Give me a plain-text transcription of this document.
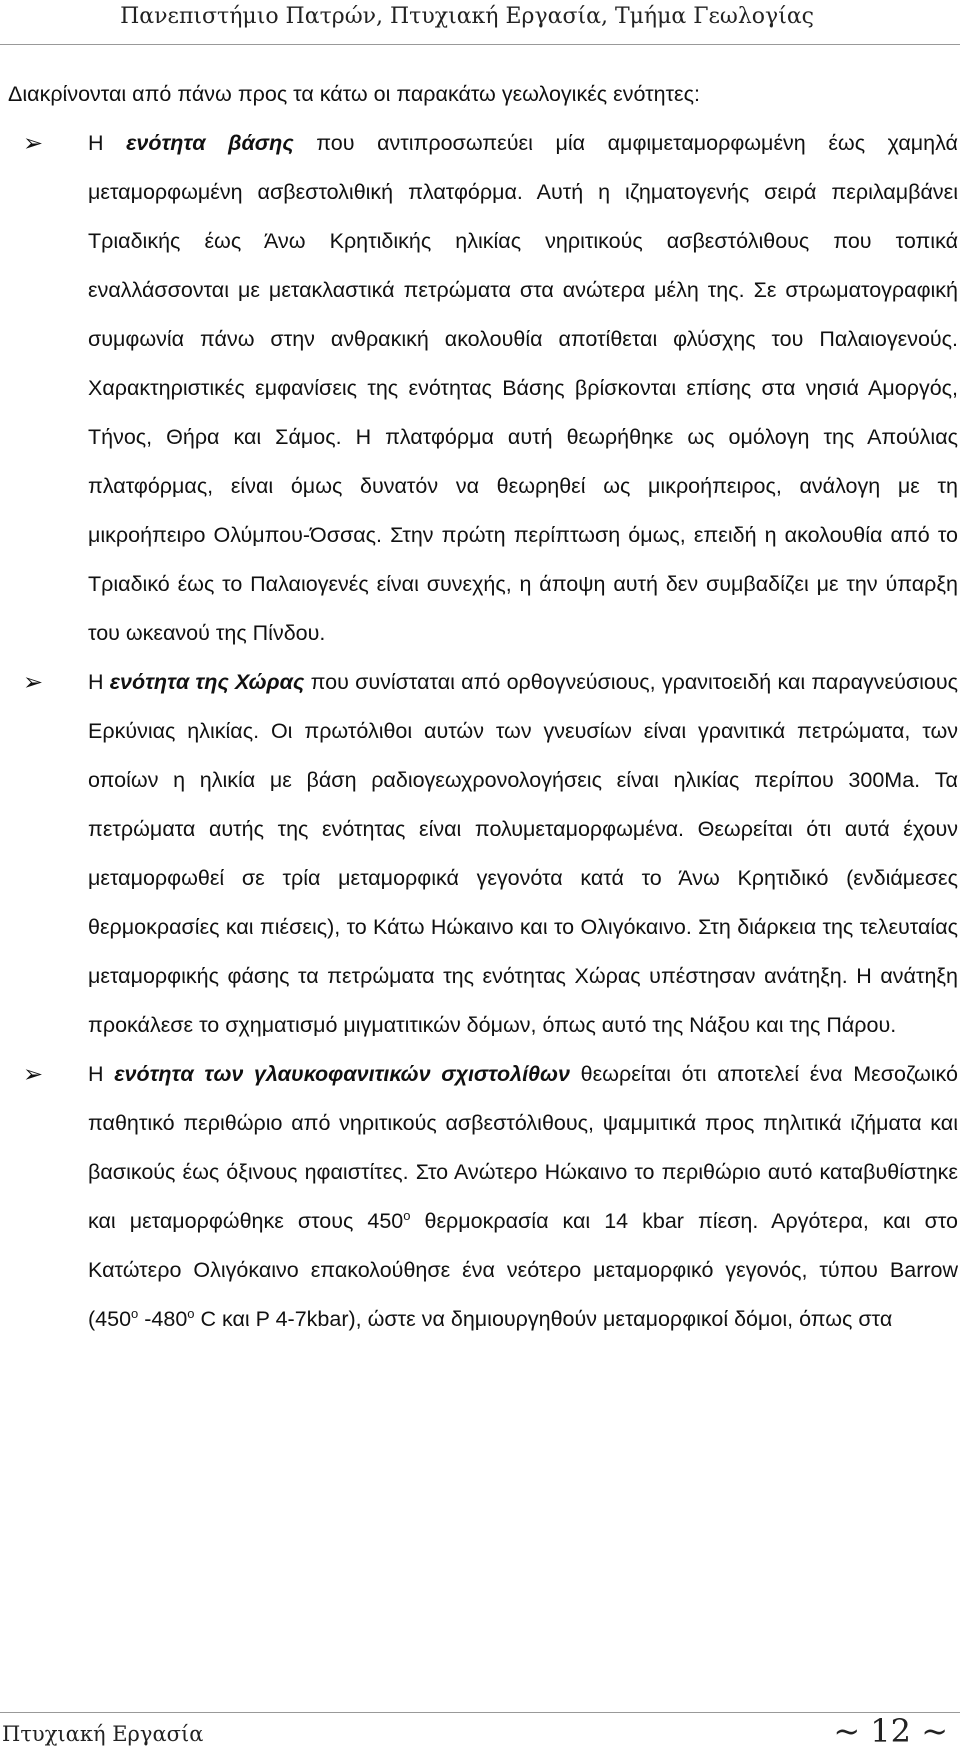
Πανεπιστήμιο Πατρών, Πτυχιακή Εργασία, Τμήμα Γεωλογίας

Διακρίνονται από πάνω προς τα κάτω οι παρακάτω γεωλογικές ενότητες:

➢ Η ενότητα βάσης που αντιπροσωπεύει μία αμφιμεταμορφωμένη έως χαμηλά μεταμορφωμένη ασβεστολιθική πλατφόρμα. Αυτή η ιζηματογενής σειρά περιλαμβάνει Τριαδικής έως Άνω Κρητιδικής ηλικίας νηριτικούς ασβεστόλιθους που τοπικά εναλλάσσονται με μετακλαστικά πετρώματα στα ανώτερα μέλη της. Σε στρωματογραφική συμφωνία πάνω στην ανθρακική ακολουθία αποτίθεται φλύσχης του Παλαιογενούς. Χαρακτηριστικές εμφανίσεις της ενότητας Βάσης βρίσκονται επίσης στα νησιά Αμοργός, Τήνος, Θήρα και Σάμος. Η πλατφόρμα αυτή θεωρήθηκε ως ομόλογη της Απούλιας πλατφόρμας, είναι όμως δυνατόν να θεωρηθεί ως μικροήπειρος, ανάλογη με τη μικροήπειρο Ολύμπου-Όσσας. Στην πρώτη περίπτωση όμως, επειδή η ακολουθία από το Τριαδικό έως το Παλαιογενές είναι συνεχής, η άποψη αυτή δεν συμβαδίζει με την ύπαρξη του ωκεανού της Πίνδου.
➢ Η ενότητα της Χώρας που συνίσταται από ορθογνεύσιους, γρανιτοειδή και παραγνεύσιους Ερκύνιας ηλικίας. Οι πρωτόλιθοι αυτών των γνευσίων είναι γρανιτικά πετρώματα, των οποίων η ηλικία με βάση ραδιογεωχρονολογήσεις είναι ηλικίας περίπου 300Ma. Τα πετρώματα αυτής της ενότητας είναι πολυμεταμορφωμένα. Θεωρείται ότι αυτά έχουν μεταμορφωθεί σε τρία μεταμορφικά γεγονότα κατά το Άνω Κρητιδικό (ενδιάμεσες θερμοκρασίες και πιέσεις), το Κάτω Ηώκαινο και το Ολιγόκαινο. Στη διάρκεια της τελευταίας μεταμορφικής φάσης τα πετρώματα της ενότητας Χώρας υπέστησαν ανάτηξη. Η ανάτηξη προκάλεσε το σχηματισμό μιγματιτικών δόμων, όπως αυτό της Νάξου και της Πάρου.
➢ Η ενότητα των γλαυκοφανιτικών σχιστολίθων θεωρείται ότι αποτελεί ένα Μεσοζωικό παθητικό περιθώριο από νηριτικούς ασβεστόλιθους, ψαμμιτικά προς πηλιτικά ιζήματα και βασικούς έως όξινους ηφαιστίτες. Στο Ανώτερο Ηώκαινο το περιθώριο αυτό καταβυθίστηκε και μεταμορφώθηκε στους $450^o$ θερμοκρασία και 14 kbar πίεση. Αργότερα, και στο Κατώτερο Ολιγόκαινο επακολούθησε ένα νεότερο μεταμορφικό γεγονός, τύπου Barrow ($450^o$ $-480^o$ C και P 4-7kbar), ώστε να δημιουργηθούν μεταμορφικοί δόμοι, όπως στα
Πτυχιακή Εργασία	~ 12 ~
